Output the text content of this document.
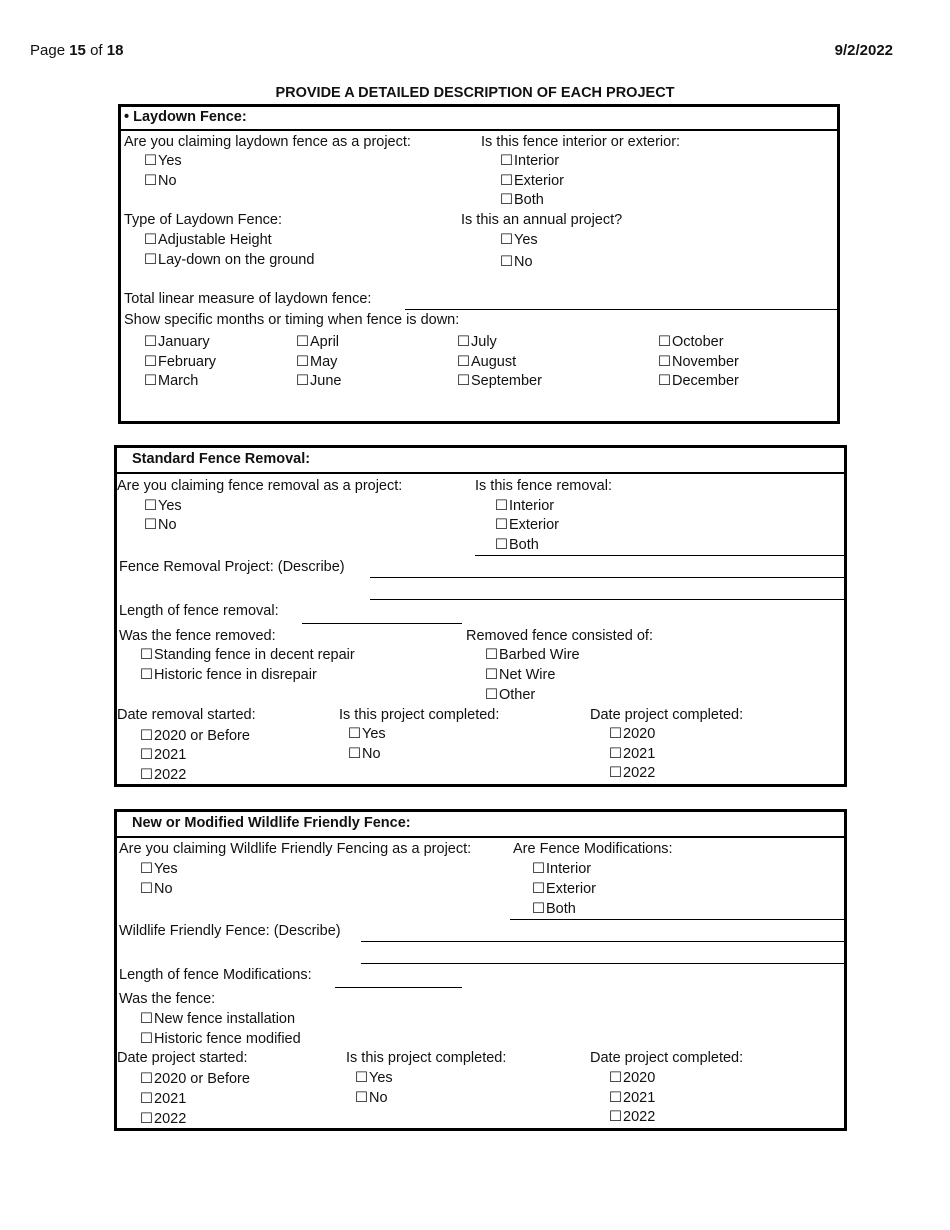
Page 15 of 18	9/2/2022
PROVIDE A DETAILED DESCRIPTION OF EACH PROJECT
• Laydown Fence:
Are you claiming laydown fence as a project:
☐Yes
☐No
Is this fence interior or exterior:
☐Interior
☐Exterior
☐Both
Type of Laydown Fence:
☐Adjustable Height
☐Lay-down on the ground
Is this an annual project?
☐Yes
☐No
Total linear measure of laydown fence:
Show specific months or timing when fence is down:
☐January
☐February
☐March
☐April
☐May
☐June
☐July
☐August
☐September
☐October
☐November
☐December
Standard Fence Removal:
Are you claiming fence removal as a project:
☐Yes
☐No
Is this fence removal:
☐Interior
☐Exterior
☐Both
Fence Removal Project: (Describe)
Length of fence removal:
Was the fence removed:
☐Standing fence in decent repair
☐Historic fence in disrepair
Removed fence consisted of:
☐Barbed Wire
☐Net Wire
☐Other
Date removal started:
☐2020 or Before
☐2021
☐2022
Is this project completed:
☐Yes
☐No
Date project completed:
☐2020
☐2021
☐2022
New or Modified Wildlife Friendly Fence:
Are you claiming Wildlife Friendly Fencing as a project:
☐Yes
☐No
Are Fence Modifications:
☐Interior
☐Exterior
☐Both
Wildlife Friendly Fence: (Describe)
Length of fence Modifications:
Was the fence:
☐New fence installation
☐Historic fence modified
Date project started:
☐2020 or Before
☐2021
☐2022
Is this project completed:
☐Yes
☐No
Date project completed:
☐2020
☐2021
☐2022
